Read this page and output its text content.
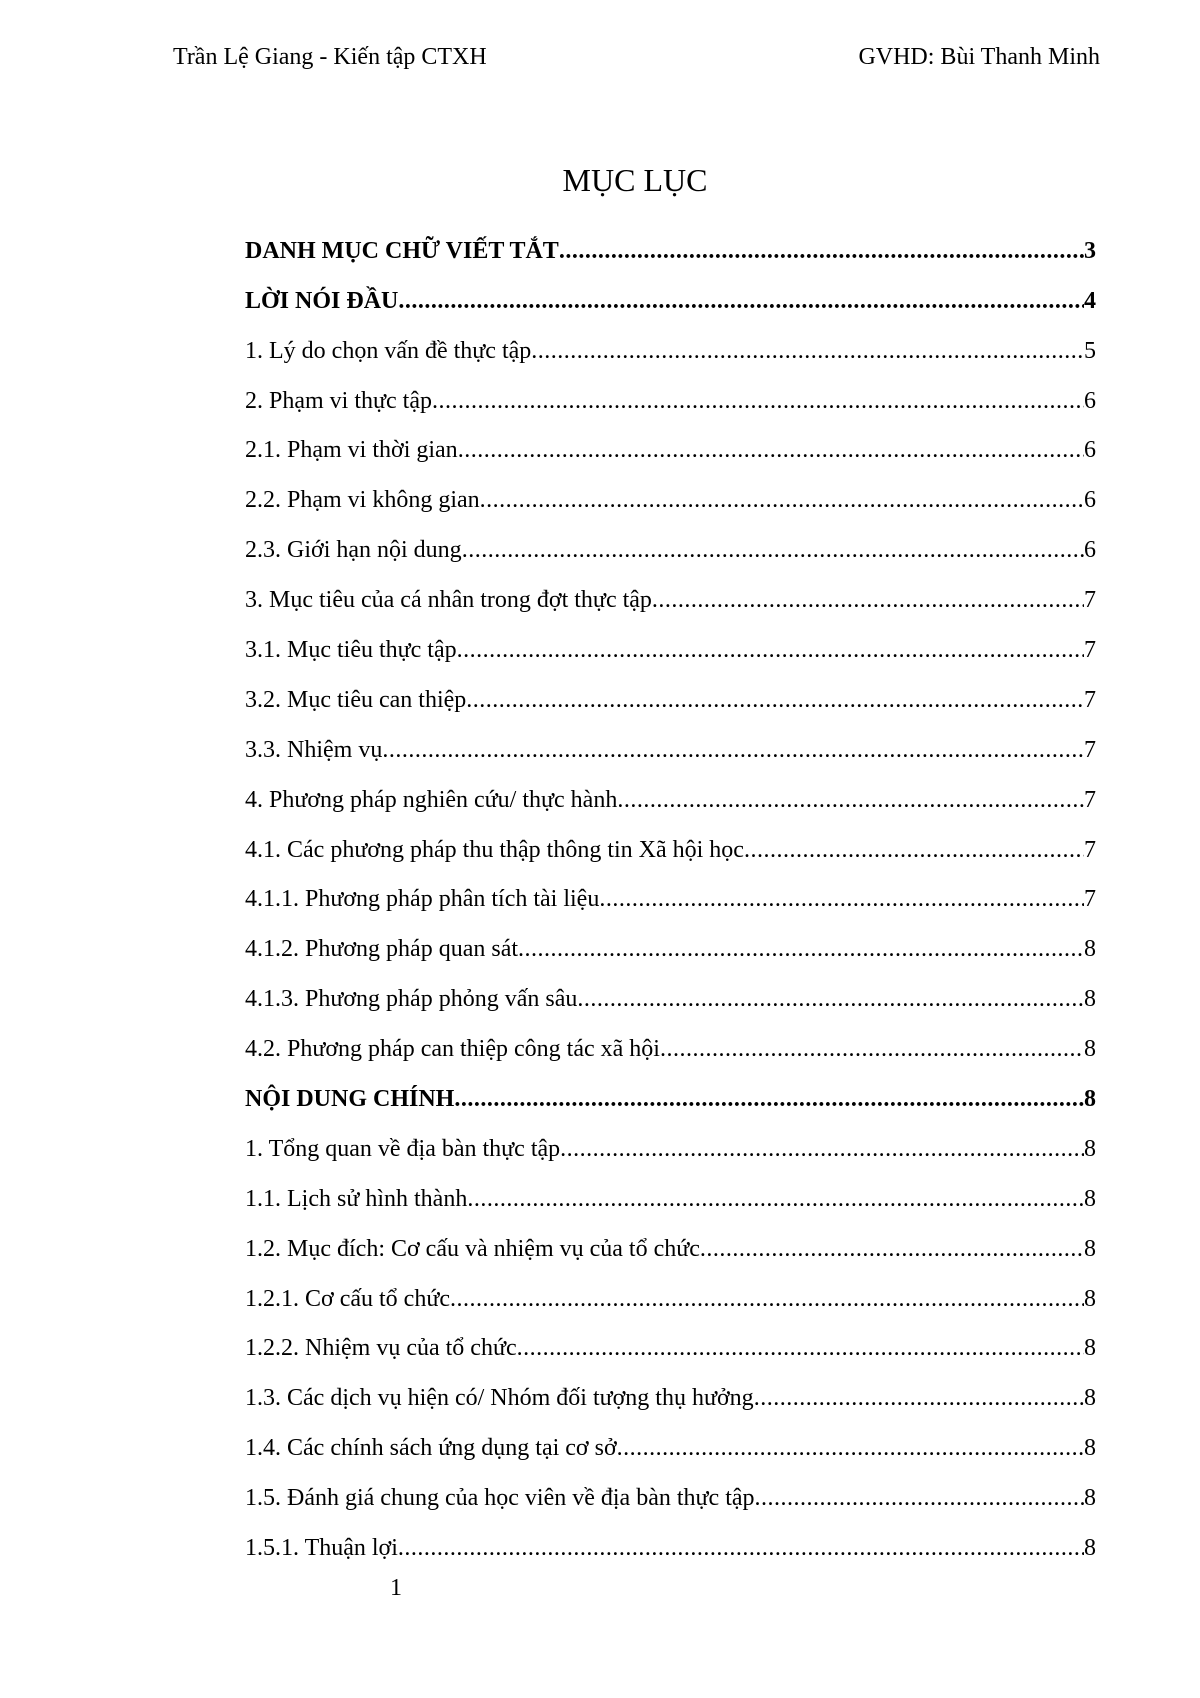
Trần Lệ Giang - Kiến tập CTXH	GVHD: Bùi Thanh Minh
MỤC LỤC
DANH MỤC CHỮ VIẾT TẮT .....	3
LỜI NÓI ĐẦU .....	4
1. Lý do chọn vấn đề thực tập .....	5
2. Phạm vi thực tập .....	6
2.1. Phạm vi thời gian .....	6
2.2. Phạm vi không gian .....	6
2.3. Giới hạn nội dung .....	6
3. Mục tiêu của cá nhân trong đợt thực tập .....	7
3.1. Mục tiêu thực tập .....	7
3.2. Mục tiêu can thiệp .....	7
3.3. Nhiệm vụ .....	7
4. Phương pháp nghiên cứu/ thực hành .....	7
4.1. Các phương pháp thu thập thông tin Xã hội học .....	7
4.1.1. Phương pháp phân tích tài liệu .....	7
4.1.2. Phương pháp quan sát .....	8
4.1.3. Phương pháp phỏng vấn sâu .....	8
4.2. Phương pháp can thiệp công tác xã hội .....	8
NỘI DUNG CHÍNH .....	8
1. Tổng quan về địa bàn thực tập .....	8
1.1. Lịch sử hình thành .....	8
1.2. Mục đích: Cơ cấu và nhiệm vụ của tổ chức .....	8
1.2.1. Cơ cấu tổ chức .....	8
1.2.2. Nhiệm vụ của tổ chức .....	8
1.3. Các dịch vụ hiện có/ Nhóm đối tượng thụ hưởng .....	8
1.4. Các chính sách ứng dụng tại cơ sở .....	8
1.5. Đánh giá chung của học viên về địa bàn thực tập .....	8
1.5.1. Thuận lợi .....	8
1
